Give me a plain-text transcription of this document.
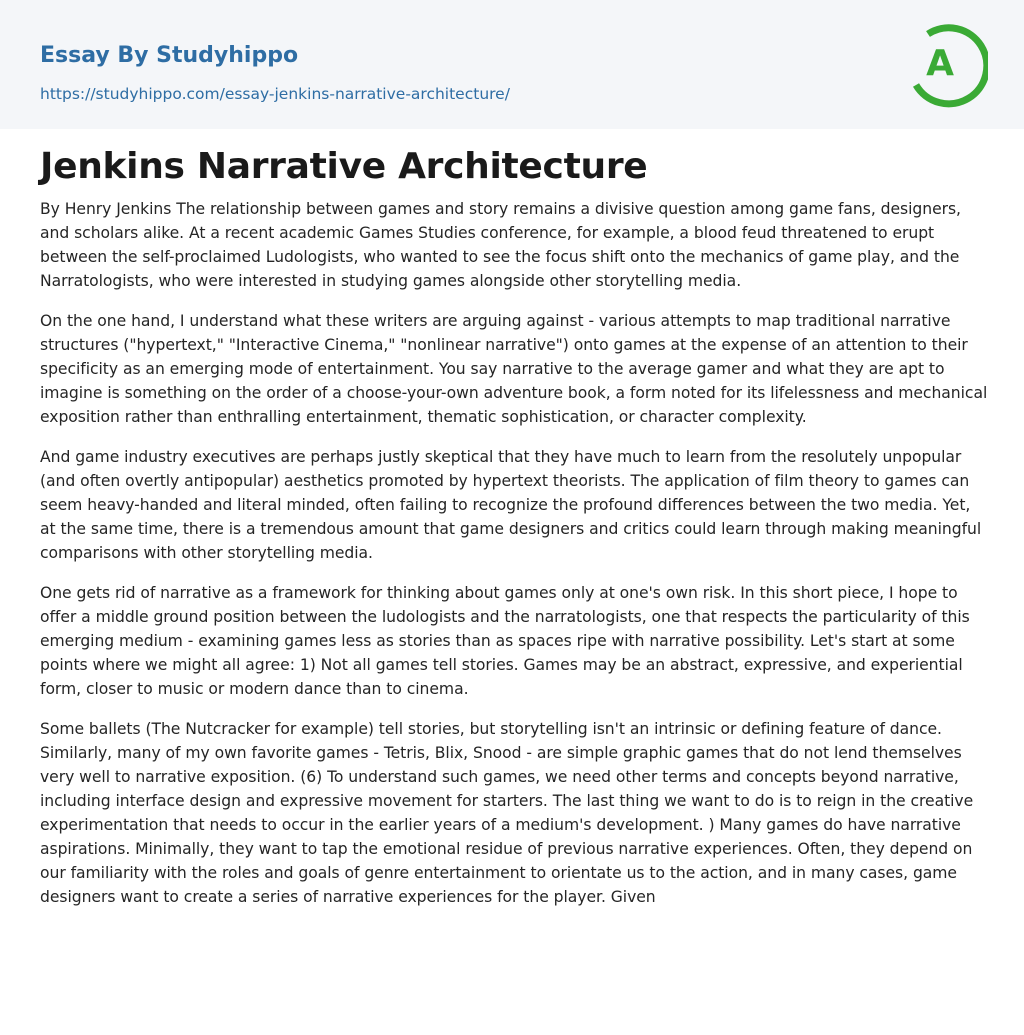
Essay By Studyhippo
https://studyhippo.com/essay-jenkins-narrative-architecture/
A
Jenkins Narrative Architecture

By Henry Jenkins The relationship between games and story remains a divisive question among game fans, designers, and scholars alike. At a recent academic Games Studies conference, for example, a blood feud threatened to erupt between the self-proclaimed Ludologists, who wanted to see the focus shift onto the mechanics of game play, and the Narratologists, who were interested in studying games alongside other storytelling media.

On the one hand, I understand what these writers are arguing against - various attempts to map traditional narrative structures ("hypertext," "Interactive Cinema," "nonlinear narrative") onto games at the expense of an attention to their specificity as an emerging mode of entertainment. You say narrative to the average gamer and what they are apt to imagine is something on the order of a choose-your-own adventure book, a form noted for its lifelessness and mechanical exposition rather than enthralling entertainment, thematic sophistication, or character complexity.

And game industry executives are perhaps justly skeptical that they have much to learn from the resolutely unpopular (and often overtly antipopular) aesthetics promoted by hypertext theorists. The application of film theory to games can seem heavy-handed and literal minded, often failing to recognize the profound differences between the two media. Yet, at the same time, there is a tremendous amount that game designers and critics could learn through making meaningful comparisons with other storytelling media.

One gets rid of narrative as a framework for thinking about games only at one's own risk. In this short piece, I hope to offer a middle ground position between the ludologists and the narratologists, one that respects the particularity of this emerging medium - examining games less as stories than as spaces ripe with narrative possibility. Let's start at some points where we might all agree: 1) Not all games tell stories. Games may be an abstract, expressive, and experiential form, closer to music or modern dance than to cinema.

Some ballets (The Nutcracker for example) tell stories, but storytelling isn't an intrinsic or defining feature of dance. Similarly, many of my own favorite games - Tetris, Blix, Snood - are simple graphic games that do not lend themselves very well to narrative exposition. (6) To understand such games, we need other terms and concepts beyond narrative, including interface design and expressive movement for starters. The last thing we want to do is to reign in the creative experimentation that needs to occur in the earlier years of a medium's development. ) Many games do have narrative aspirations. Minimally, they want to tap the emotional residue of previous narrative experiences. Often, they depend on our familiarity with the roles and goals of genre entertainment to orientate us to the action, and in many cases, game designers want to create a series of narrative experiences for the player. Given
